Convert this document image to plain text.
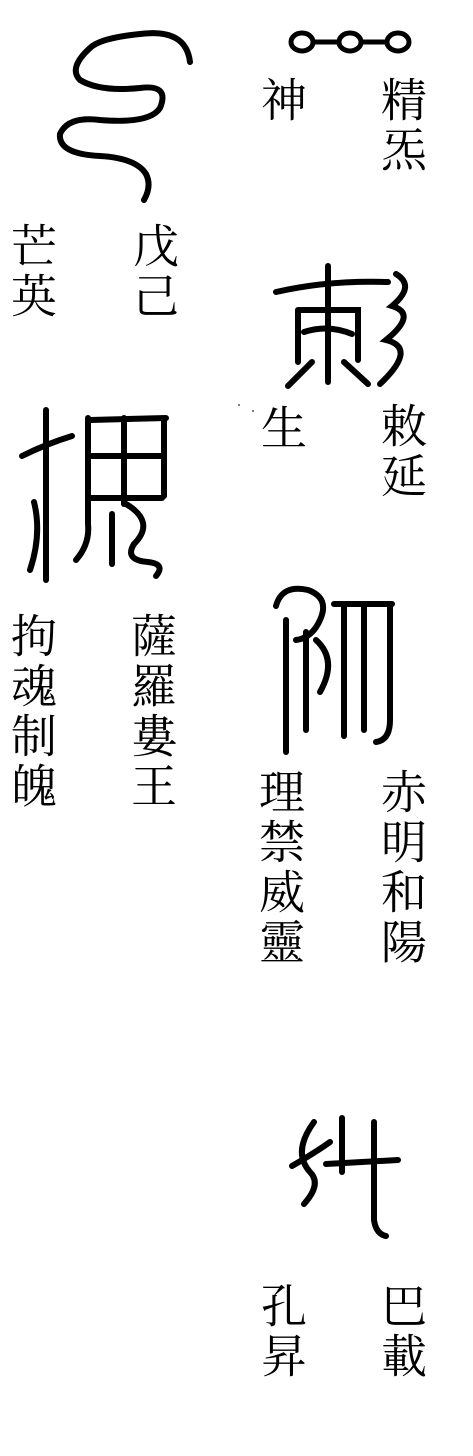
精炁
神
敕延
生
赤明和陽
理禁威靈
巴載
孔昇
戊己
芒英
薩羅婁王
拘魂制魄
